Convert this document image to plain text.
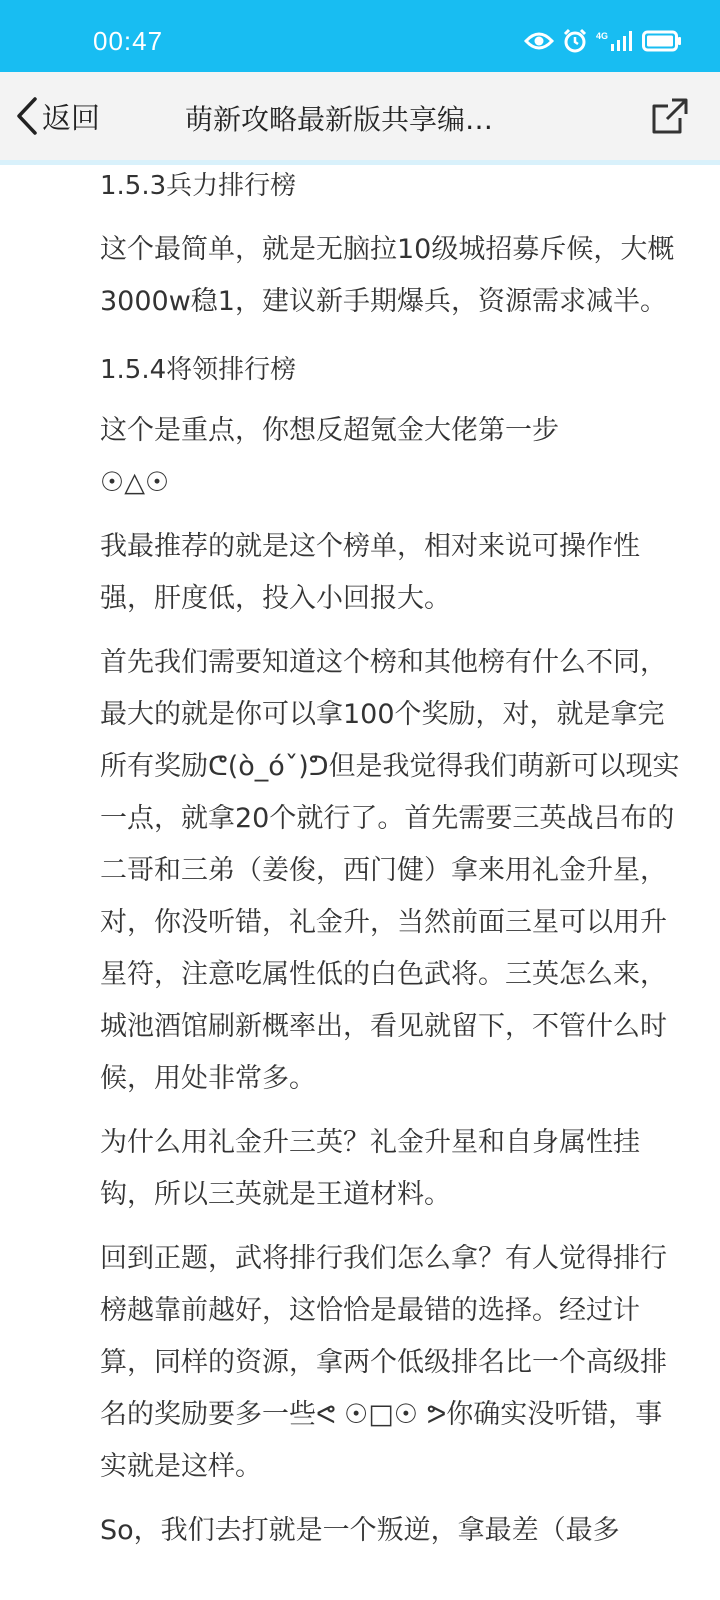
00:47	4G
返回	萌新攻略最新版共享编…

1.5.3兵力排行榜

这个最简单，就是无脑拉10级城招募斥候，大概3000w稳1，建议新手期爆兵，资源需求减半。

1.5.4将领排行榜

这个是重点，你想反超氪金大佬第一步 ☉△☉

我最推荐的就是这个榜单，相对来说可操作性强，肝度低，投入小回报大。

首先我们需要知道这个榜和其他榜有什么不同，最大的就是你可以拿100个奖励，对，就是拿完所有奖励ᕦ(ò_óˇ)ᕤ但是我觉得我们萌新可以现实一点，就拿20个就行了。首先需要三英战吕布的二哥和三弟（姜俊，西门健）拿来用礼金升星，对，你没听错，礼金升，当然前面三星可以用升星符，注意吃属性低的白色武将。三英怎么来，城池酒馆刷新概率出，看见就留下，不管什么时候，用处非常多。

为什么用礼金升三英？礼金升星和自身属性挂钩，所以三英就是王道材料。

回到正题，武将排行我们怎么拿？有人觉得排行榜越靠前越好，这恰恰是最错的选择。经过计算，同样的资源，拿两个低级排名比一个高级排名的奖励要多一些ᕙ ☉□☉ ᕗ你确实没听错，事实就是这样。

So，我们去打就是一个叛逆，拿最差（最多
